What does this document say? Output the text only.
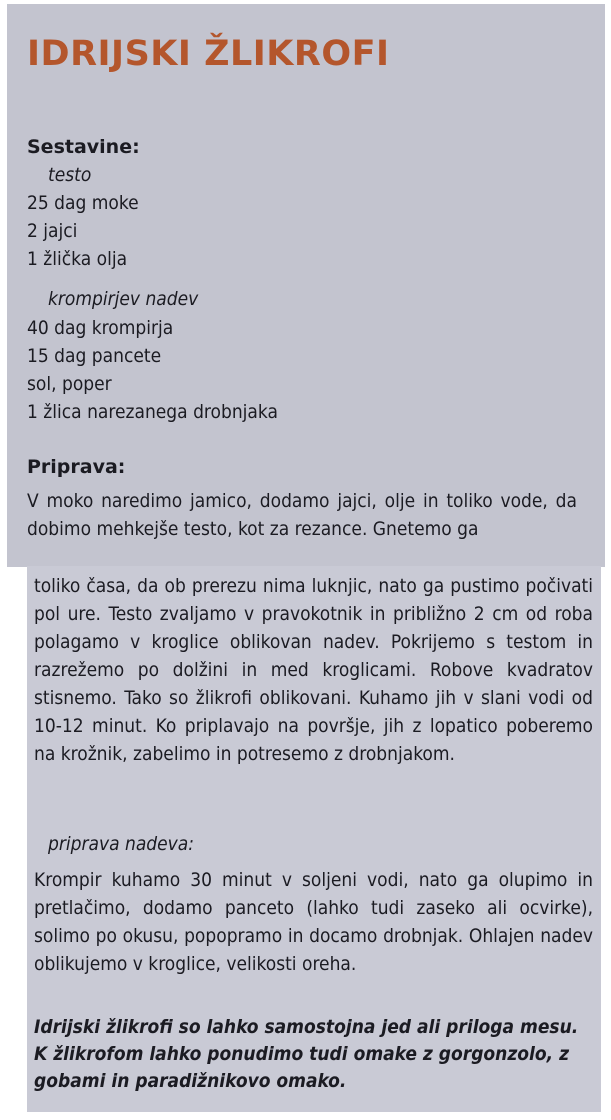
IDRIJSKI ŽLIKROFI
Sestavine:
testo
25 dag moke
2 jajci
1 žlička olja
krompirjev nadev
40 dag krompirja
15 dag pancete
sol, poper
1 žlica narezanega drobnjaka
Priprava:

V moko naredimo jamico, dodamo jajci, olje in toliko vode, da dobimo mehkejše testo, kot za rezance. Gnetemo ga

toliko časa, da ob prerezu nima luknjic, nato ga pustimo počivati pol ure. Testo zvaljamo v pravokotnik in približno 2 cm od roba polagamo v kroglice oblikovan nadev. Pokrijemo s testom in razrežemo po dolžini in med kroglicami. Robove kvadratov stisnemo. Tako so žlikrofi oblikovani. Kuhamo jih v slani vodi od 10-12 minut. Ko priplavajo na površje, jih z lopatico poberemo na krožnik, zabelimo in potresemo z drobnjakom.

priprava nadeva:

Krompir kuhamo 30 minut v soljeni vodi, nato ga olupimo in pretlačimo, dodamo panceto (lahko tudi zaseko ali ocvirke), solimo po okusu, popopramo in docamo drobnjak. Ohlajen nadev oblikujemo v kroglice, velikosti oreha.

Idrijski žlikrofi so lahko samostojna jed ali priloga mesu. K žlikrofom lahko ponudimo tudi omake z gorgonzolo, z gobami in paradižnikovo omako.
